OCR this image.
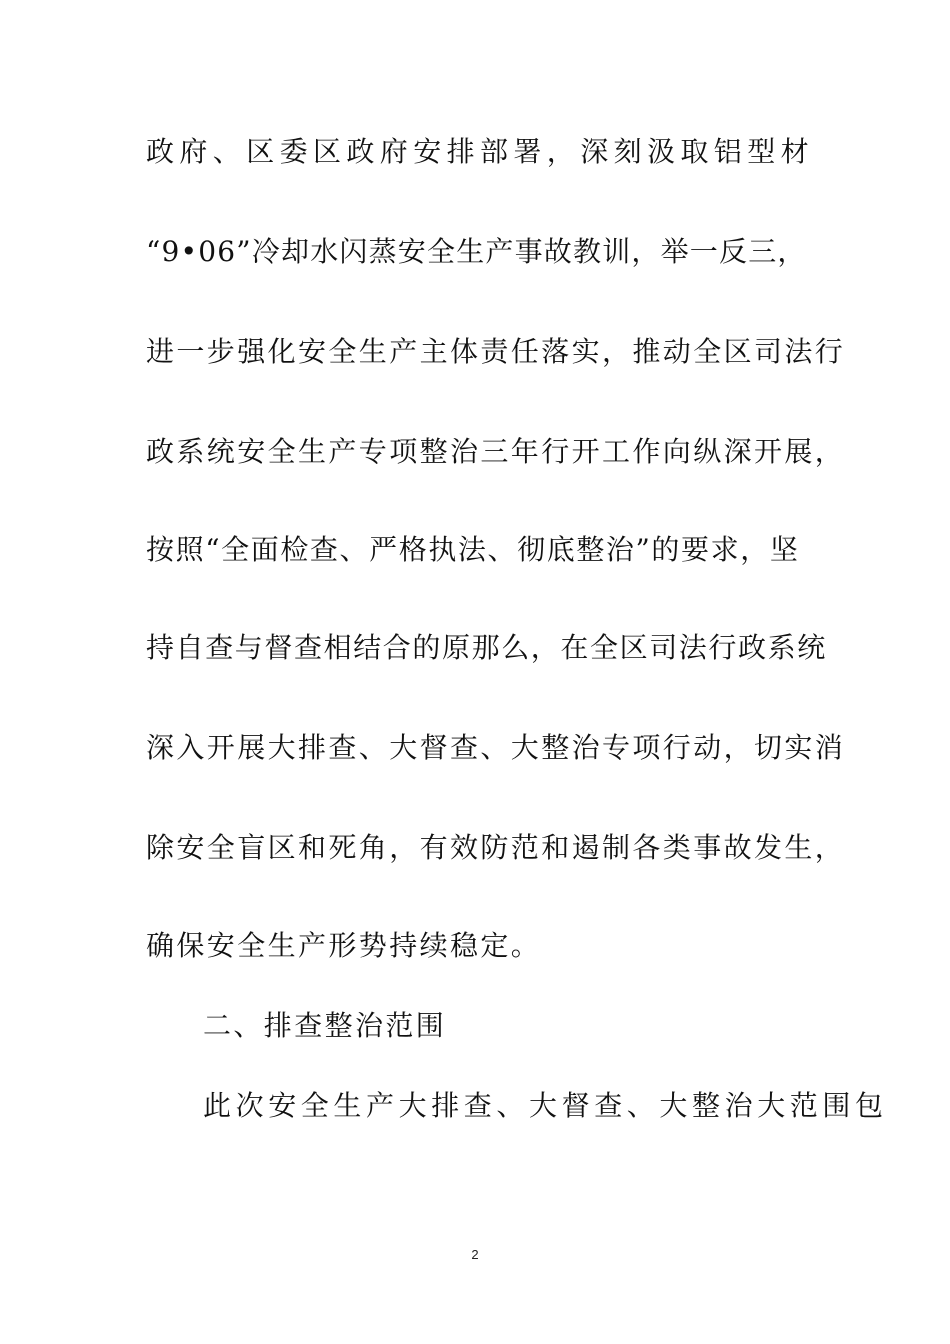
政府、区委区政府安排部署，深刻汲取铝型材
“9•06”冷却水闪蒸安全生产事故教训，举一反三，
进一步强化安全生产主体责任落实，推动全区司法行
政系统安全生产专项整治三年行开工作向纵深开展，
按照“全面检查、严格执法、彻底整治”的要求，坚
持自查与督查相结合的原那么，在全区司法行政系统
深入开展大排查、大督查、大整治专项行动，切实消
除安全盲区和死角，有效防范和遏制各类事故发生，
确保安全生产形势持续稳定。
二、排查整治范围
此次安全生产大排查、大督查、大整治大范围包
2
